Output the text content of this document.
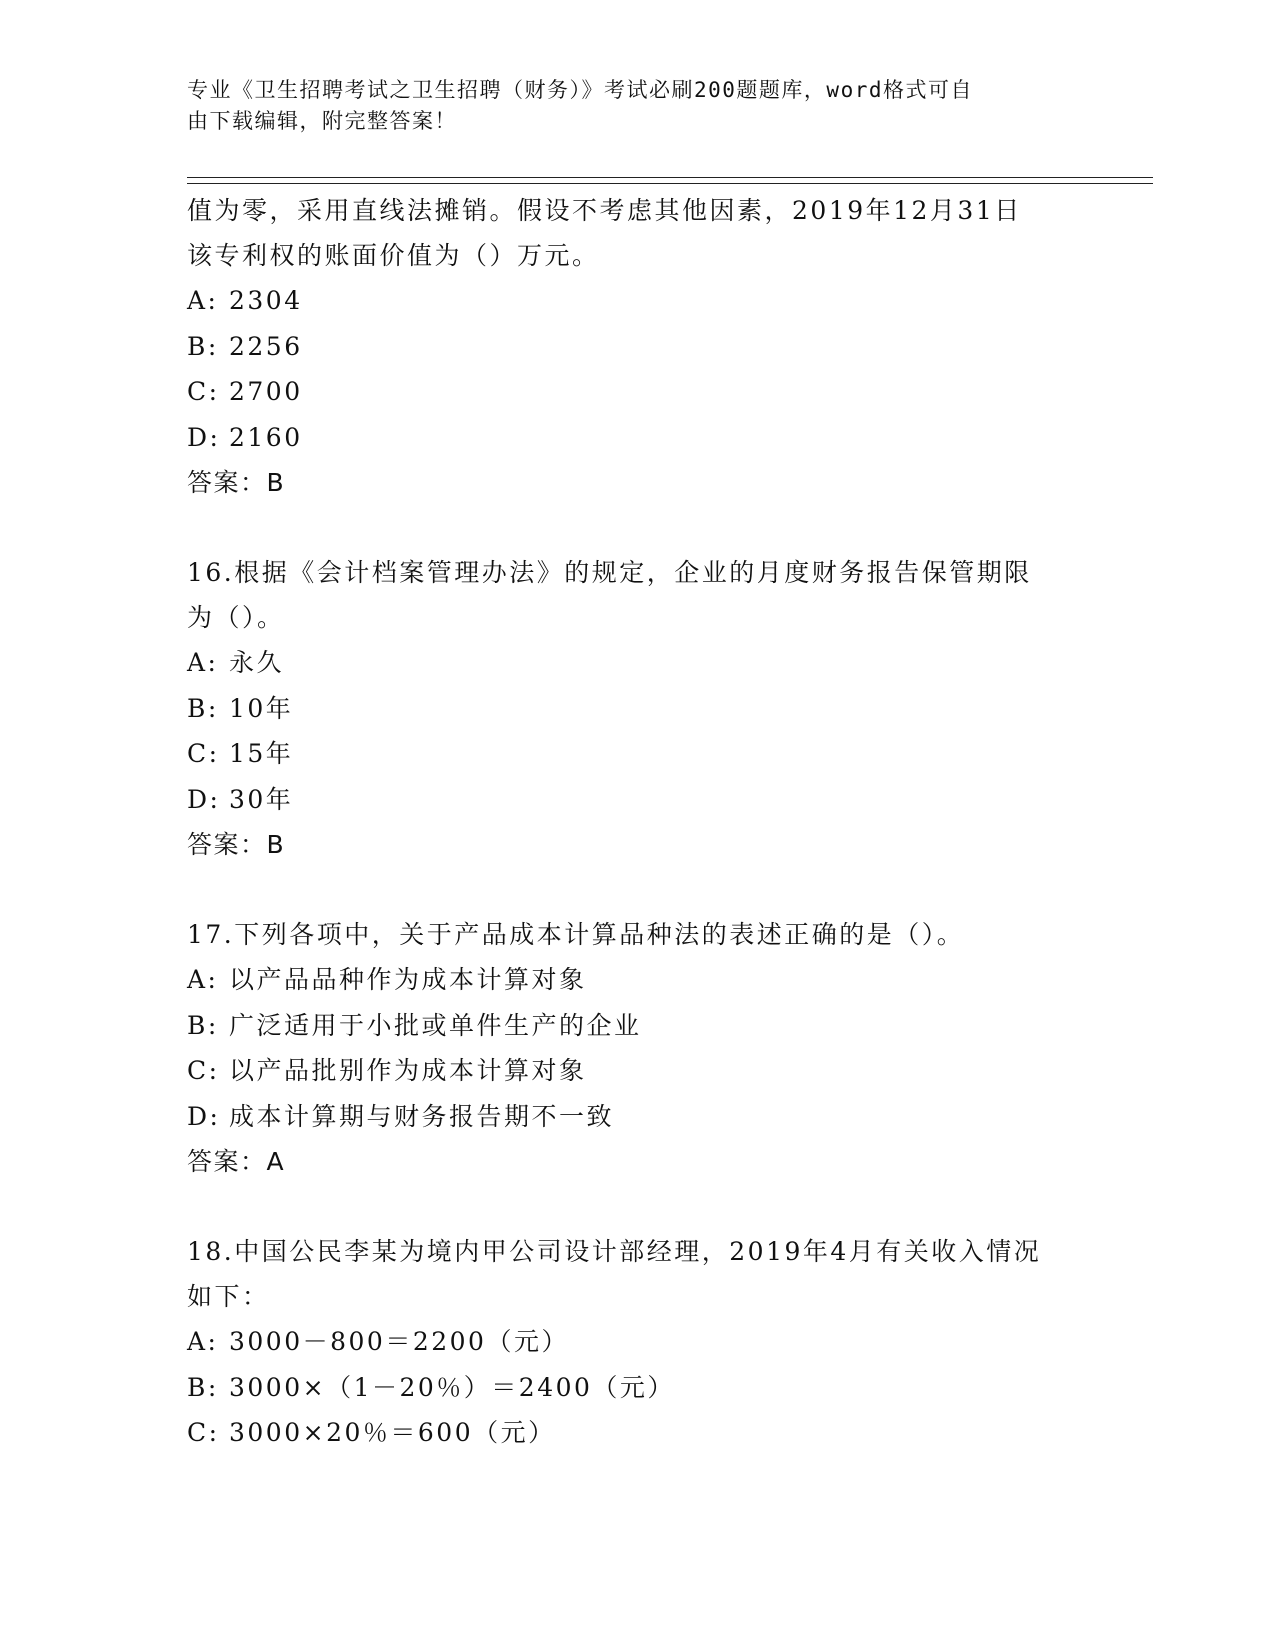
专业《卫生招聘考试之卫生招聘（财务）》考试必刷200题题库，word格式可自
由下载编辑，附完整答案！
值为零，采用直线法摊销。假设不考虑其他因素，2019年12月31日
该专利权的账面价值为（）万元。
A: 2304
B: 2256
C: 2700
D: 2160
答案：B
16.根据《会计档案管理办法》的规定，企业的月度财务报告保管期限
为（）。
A: 永久
B: 10年
C: 15年
D: 30年
答案：B
17.下列各项中，关于产品成本计算品种法的表述正确的是（）。
A: 以产品品种作为成本计算对象
B: 广泛适用于小批或单件生产的企业
C: 以产品批别作为成本计算对象
D: 成本计算期与财务报告期不一致
答案：A
18.中国公民李某为境内甲公司设计部经理，2019年4月有关收入情况
如下：
A: 3000－800＝2200（元）
B: 3000×（1－20％）＝2400（元）
C: 3000×20％＝600（元）
